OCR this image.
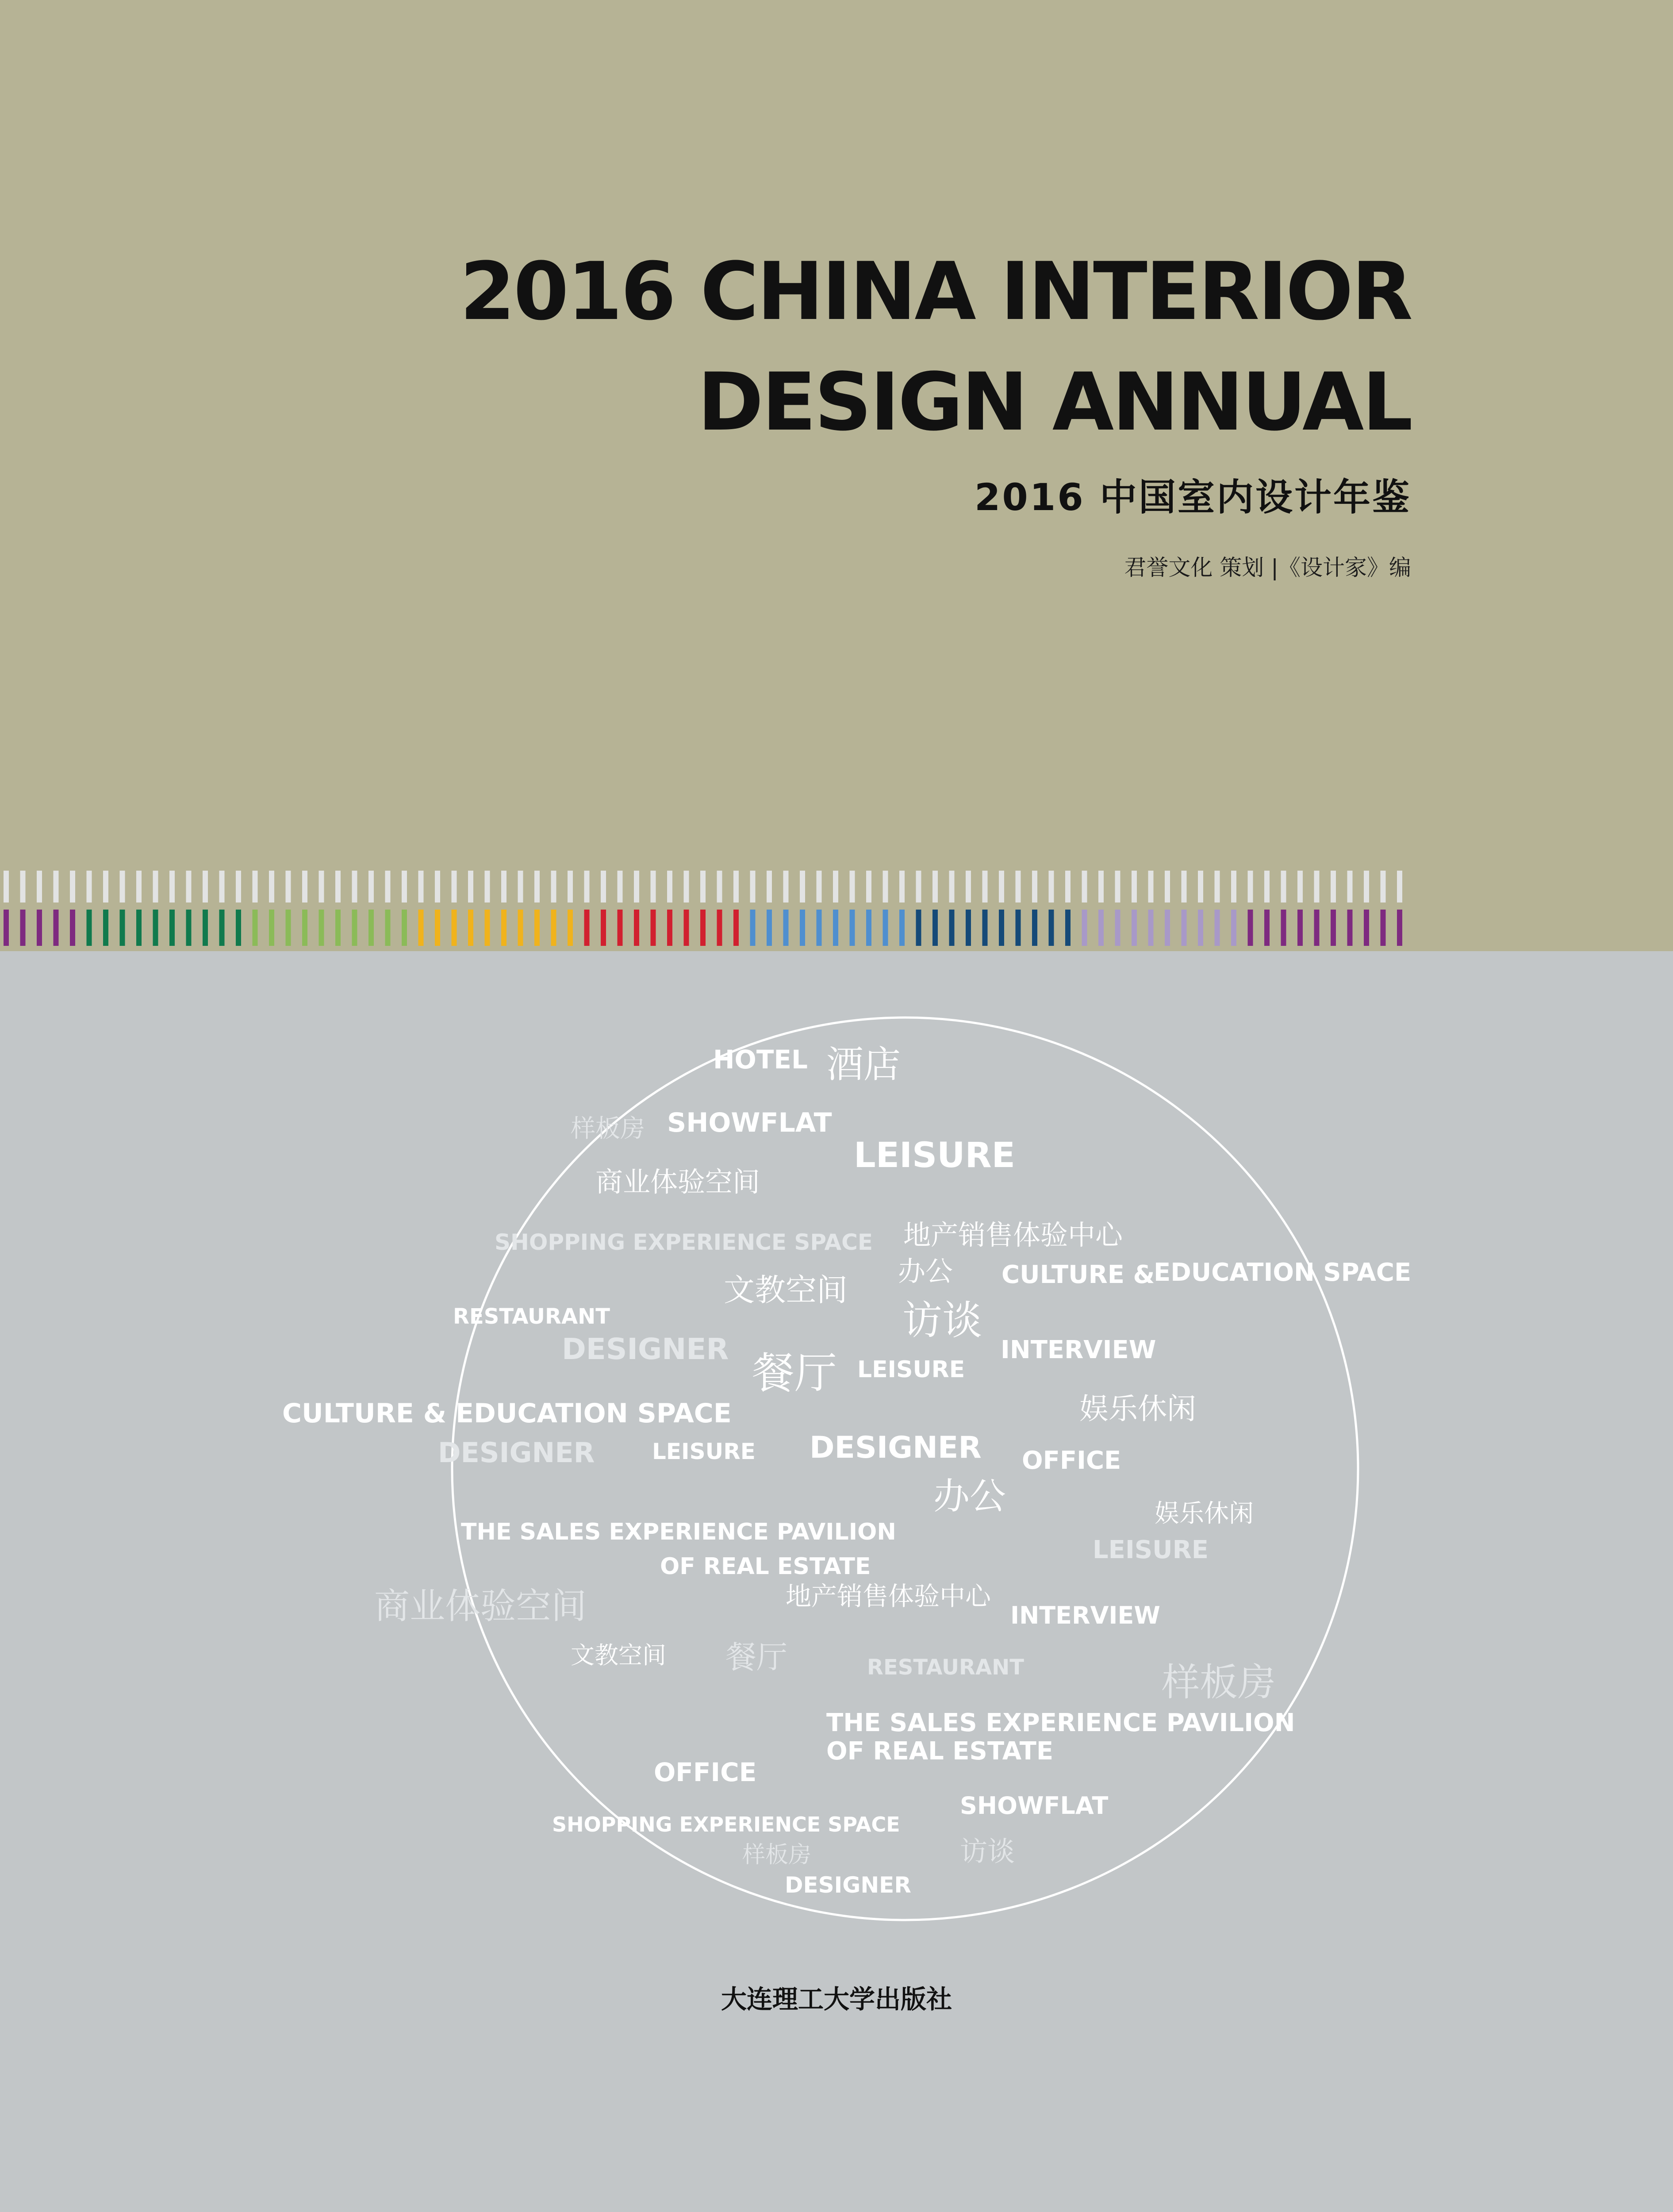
2016 CHINA INTERIOR
DESIGN ANNUAL
2016 中国室内设计年鉴
君誉文化 策划 |《设计家》编
HOTEL 酒店
样板房 SHOWFLAT
LEISURE
商业体验空间
地产销售体验中心
SHOPPING EXPERIENCE SPACE
办公 CULTURE &
EDUCATION SPACE
文教空间
RESTAURANT	访谈
DESIGNER	INTERVIEW
餐厅 LEISURE
娱乐休闲
CULTURE & EDUCATION SPACE
DESIGNER	LEISURE DESIGNER OFFICE
办公	娱乐休闲
THE SALES EXPERIENCE PAVILION
LEISURE
OF REAL ESTATE
商业体验空间	地产销售体验中心
INTERVIEW
文教空间 餐厅	RESTAURANT	样板房
THE SALES EXPERIENCE PAVILION
OF REAL ESTATE
OFFICE
SHOWFLAT
SHOPPING EXPERIENCE SPACE
样板房	访谈
DESIGNER
大连理工大学出版社
